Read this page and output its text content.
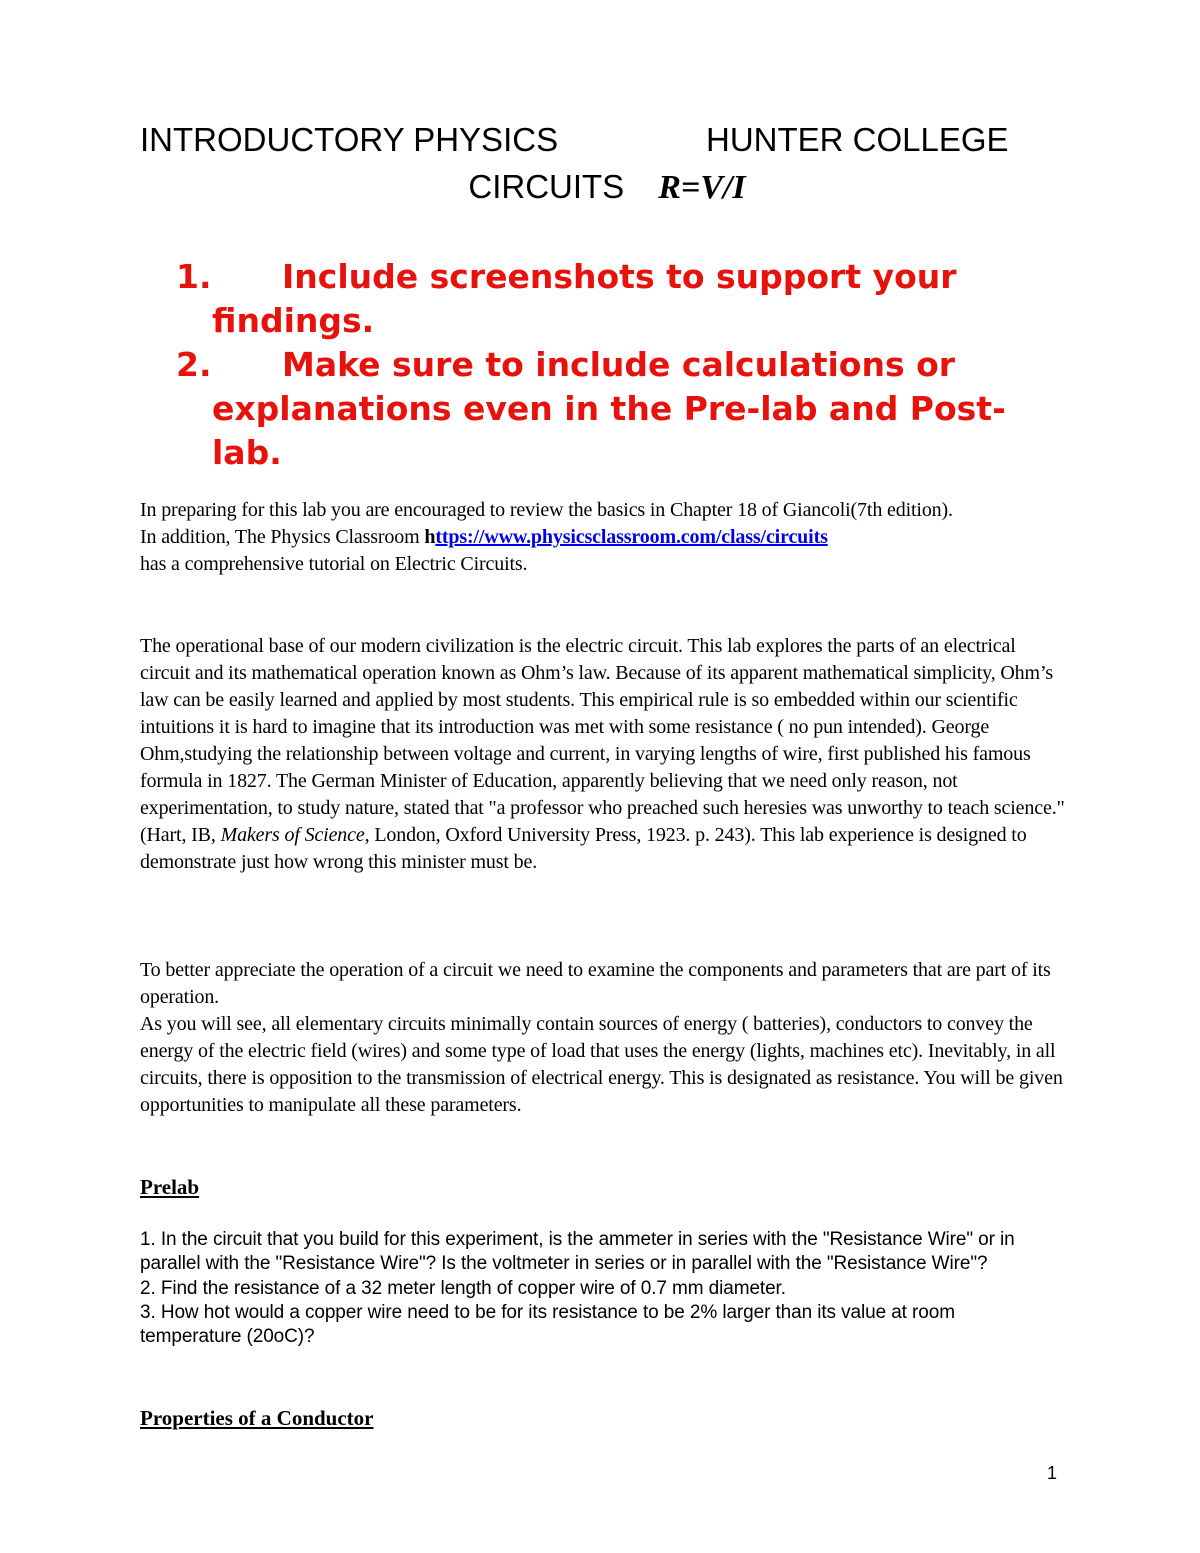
INTRODUCTORY PHYSICS	HUNTER COLLEGE
CIRCUITS R=V/I
1. Include screenshots to support your findings.
2. Make sure to include calculations or explanations even in the Pre-lab and Post-lab.

In preparing for this lab you are encouraged to review the basics in Chapter 18 of Giancoli(7th edition).

In addition, The Physics Classroom https://www.physicsclassroom.com/class/circuits

has a comprehensive tutorial on Electric Circuits.

The operational base of our modern civilization is the electric circuit. This lab explores the parts of an electrical circuit and its mathematical operation known as Ohm’s law. Because of its apparent mathematical simplicity, Ohm’s law can be easily learned and applied by most students. This empirical rule is so embedded within our scientific intuitions it is hard to imagine that its introduction was met with some resistance ( no pun intended). George Ohm,studying the relationship between voltage and current, in varying lengths of wire, first published his famous formula in 1827. The German Minister of Education, apparently believing that we need only reason, not experimentation, to study nature, stated that "a professor who preached such heresies was unworthy to teach science." (Hart, IB, Makers of Science, London, Oxford University Press, 1923. p. 243). This lab experience is designed to demonstrate just how wrong this minister must be.

To better appreciate the operation of a circuit we need to examine the components and parameters that are part of its operation.

As you will see, all elementary circuits minimally contain sources of energy ( batteries), conductors to convey the energy of the electric field (wires) and some type of load that uses the energy (lights, machines etc). Inevitably, in all circuits, there is opposition to the transmission of electrical energy. This is designated as resistance. You will be given opportunities to manipulate all these parameters.

Prelab

1. In the circuit that you build for this experiment, is the ammeter in series with the "Resistance Wire" or in parallel with the "Resistance Wire"? Is the voltmeter in series or in parallel with the "Resistance Wire"?

2. Find the resistance of a 32 meter length of copper wire of 0.7 mm diameter.

3. How hot would a copper wire need to be for its resistance to be 2% larger than its value at room temperature (20oC)?

Properties of a Conductor
1
